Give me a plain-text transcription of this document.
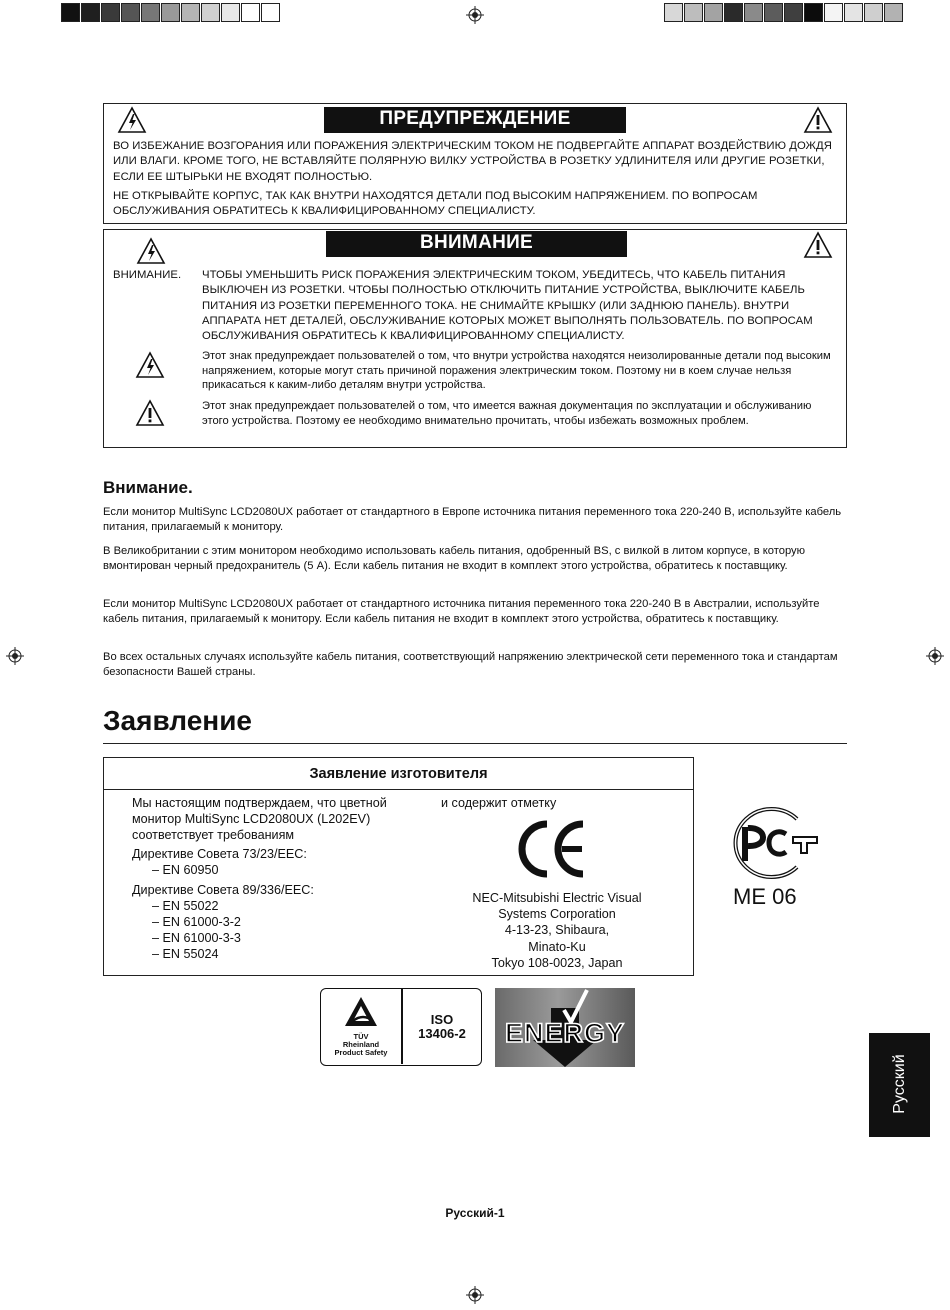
ПРЕДУПРЕЖДЕНИЕ
ВО ИЗБЕЖАНИЕ ВОЗГОРАНИЯ ИЛИ ПОРАЖЕНИЯ ЭЛЕКТРИЧЕСКИМ ТОКОМ НЕ ПОДВЕРГАЙТЕ АППАРАТ ВОЗДЕЙСТВИЮ ДОЖДЯ ИЛИ ВЛАГИ. КРОМЕ ТОГО, НЕ ВСТАВЛЯЙТЕ ПОЛЯРНУЮ ВИЛКУ УСТРОЙСТВА В РОЗЕТКУ УДЛИНИТЕЛЯ ИЛИ ДРУГИЕ РОЗЕТКИ, ЕСЛИ ЕЕ ШТЫРЬКИ НЕ ВХОДЯТ ПОЛНОСТЬЮ.
НЕ ОТКРЫВАЙТЕ КОРПУС, ТАК КАК ВНУТРИ НАХОДЯТСЯ ДЕТАЛИ ПОД ВЫСОКИМ НАПРЯЖЕНИЕМ. ПО ВОПРОСАМ ОБСЛУЖИВАНИЯ ОБРАТИТЕСЬ К КВАЛИФИЦИРОВАННОМУ СПЕЦИАЛИСТУ.
ВНИМАНИЕ
ВНИМАНИЕ.	ЧТОБЫ УМЕНЬШИТЬ РИСК ПОРАЖЕНИЯ ЭЛЕКТРИЧЕСКИМ ТОКОМ, УБЕДИТЕСЬ, ЧТО КАБЕЛЬ ПИТАНИЯ ВЫКЛЮЧЕН ИЗ РОЗЕТКИ. ЧТОБЫ ПОЛНОСТЬЮ ОТКЛЮЧИТЬ ПИТАНИЕ УСТРОЙСТВА, ВЫКЛЮЧИТЕ КАБЕЛЬ ПИТАНИЯ ИЗ РОЗЕТКИ ПЕРЕМЕННОГО ТОКА. НЕ СНИМАЙТЕ КРЫШКУ (ИЛИ ЗАДНЮЮ ПАНЕЛЬ). ВНУТРИ АППАРАТА НЕТ ДЕТАЛЕЙ, ОБСЛУЖИВАНИЕ КОТОРЫХ МОЖЕТ ВЫПОЛНЯТЬ ПОЛЬЗОВАТЕЛЬ. ПО ВОПРОСАМ ОБСЛУЖИВАНИЯ ОБРАТИТЕСЬ К КВАЛИФИЦИРОВАННОМУ СПЕЦИАЛИСТУ.
Этот знак предупреждает пользователей о том, что внутри устройства находятся неизолированные детали под высоким напряжением, которые могут стать причиной поражения электрическим током. Поэтому ни в коем случае нельзя прикасаться к каким-либо деталям внутри устройства.
Этот знак предупреждает пользователей о том, что имеется важная документация по эксплуатации и обслуживанию этого устройства. Поэтому ее необходимо внимательно прочитать, чтобы избежать возможных проблем.
Внимание.

Если монитор MultiSync LCD2080UX работает от стандартного в Европе источника питания переменного тока 220-240 В, используйте кабель питания, прилагаемый к монитору.

В Великобритании с этим монитором необходимо использовать кабель питания, одобренный BS, с вилкой в литом корпусе, в которую вмонтирован черный предохранитель (5 А). Если кабель питания не входит в комплект этого устройства, обратитесь к поставщику.

Если монитор MultiSync LCD2080UX работает от стандартного источника питания переменного тока 220-240 В в Австралии, используйте кабель питания, прилагаемый к монитору. Если кабель питания не входит в комплект этого устройства, обратитесь к поставщику.

Во всех остальных случаях используйте кабель питания, соответствующий напряжению электрической сети переменного тока и стандартам безопасности Вашей страны.

Заявление
Заявление изготовителя
Мы настоящим подтверждаем, что цветной монитор MultiSync LCD2080UX (L202EV) соответствует требованиям
Директиве Совета 73/23/EEC:
– EN 60950
Директиве Совета 89/336/EEC:
– EN 55022
– EN 61000-3-2
– EN 61000-3-3
– EN 55024
и содержит отметку
NEC-Mitsubishi Electric Visual
Systems Corporation
4-13-23, Shibaura,
Minato-Ku
Tokyo 108-0023, Japan
ME 06
TÜV
Rheinland
Product Safety
ISO
13406-2	ENERGY
Русский
Русский-1
